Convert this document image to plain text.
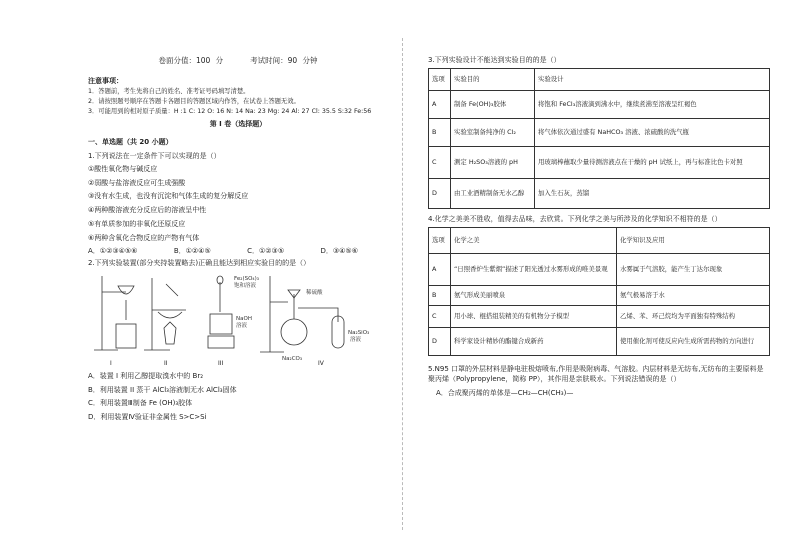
卷面分值：100 分	考试时间：90 分钟
注意事项：
1．答题前，考生先将自己的姓名、准考证号码填写清楚。
2．请按照题号顺序在答题卡各题目的答题区域内作答，在试卷上答题无效。
3．可能用到的相对原子质量：H :1 C: 12 O: 16 N: 14 Na: 23 Mg: 24 Al: 27 Cl: 35.5 S:32 Fe:56
第 I 卷（选择题）
一、单选题（共 20 小题）
1.下列说法在一定条件下可以实现的是（）
①酸性氧化物与碱反应
②弱酸与盐溶液反应可生成强酸
③没有水生成，也没有沉淀和气体生成的复分解反应
④两种酸溶液充分反应后的溶液呈中性
⑤有单质参加的非氧化还原反应
⑥两种含氧化合物反应的产物有气体
A．①②③④⑤⑥	B．①②④⑤	C．①②③⑤	D．③④⑤⑥
2.下列实验装置(部分夹持装置略去)正确且能达到相应实验目的的是（）
Fe₂(SO₄)₃
饱和溶液
NaOH
溶液
稀硫酸
Na₂CO₃
Na₂SiO₃
溶液
I	II	III	IV
A．装置 I 利用乙醇提取溴水中的 Br₂
B．利用装置 II 蒸干 AlCl₃溶液制无水 AlCl₃固体
C．利用装置Ⅲ制备 Fe (OH)₃胶体
D．利用装置Ⅳ验证非金属性 S>C>Si
3.下列实验设计不能达到实验目的的是（）
选项	实验目的	实验设计
A	制备 Fe(OH)₃胶体	将饱和 FeCl₃溶液滴到沸水中，继续煮沸至溶液呈红褐色
B	实验室制备纯净的 Cl₂	将气体依次通过盛有 NaHCO₃ 溶液、浓硫酸的洗气瓶
C	测定 H₂SO₃溶液的 pH	用玻璃棒蘸取少量待测溶液点在干燥的 pH 试纸上，再与标准比色卡对照
D	由工业酒精制备无水乙醇	加入生石灰，蒸馏
4.化学之美美不胜收，值得去品味，去欣赏。下列化学之美与所涉及的化学知识不相符的是（）
选项	化学之美	化学知识及应用
A	“日照香炉生紫烟”描述了阳光透过水雾形成的唯美景观	水雾属于气溶胶，能产生丁达尔现象
B	氨气形成美丽喷泉	氨气极易溶于水
C	用小球、棍搭组装精美的有机物分子模型	乙烯、苯、环己烷均为平面独有特殊结构
D	科学家设计精妙的酯键合成新药	使用催化剂可使反应向生成所需药物的方向进行
5.N95 口罩的外层材料是静电驻极熔喷布,作用是吸附病毒、气溶胶。内层材料是无纺布,无纺布的主要原料是聚丙烯（Polypropylene，简称 PP），其作用是亲肤吸水。下列说法错误的是（）
A．合成聚丙烯的单体是—CH₂—CH(CH₃)—
